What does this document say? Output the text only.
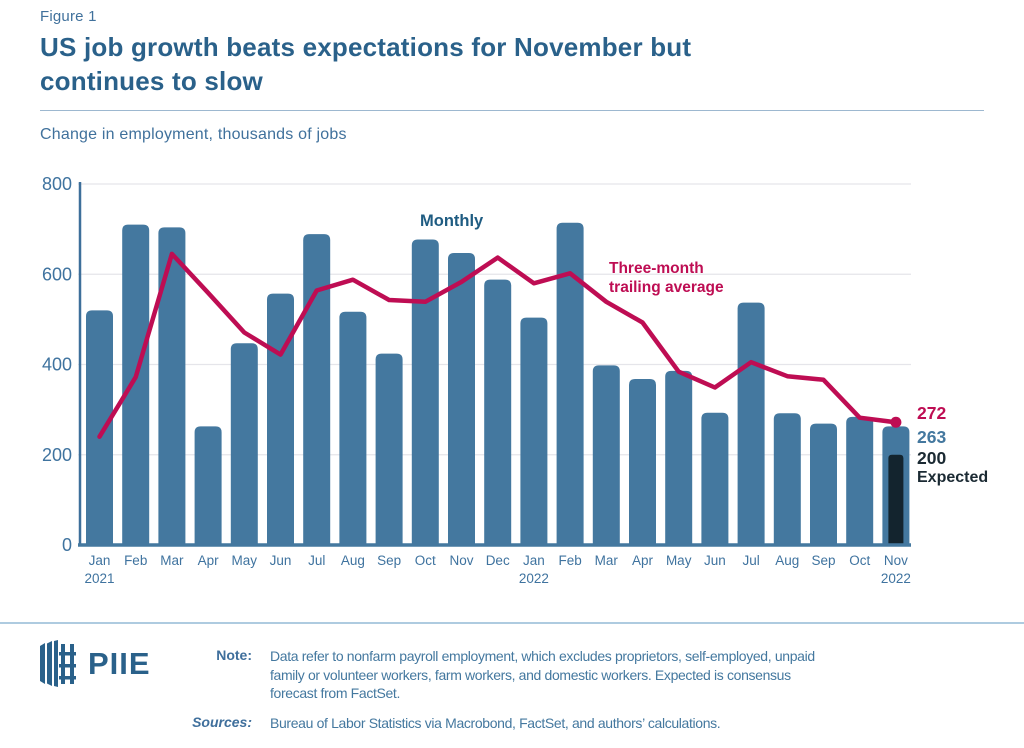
Figure 1
US job growth beats expectations for November but
continues to slow
Change in employment, thousands of jobs
0
200
400
600
800
Jan Feb Mar Apr May Jun Jul Aug Sep Oct Nov Dec Jan Feb Mar Apr May Jun Jul Aug Sep Oct Nov
2021	2022	2022
Monthly
Three-month
trailing average
272
263
200
Expected
PIIE	Note: Data refer to nonfarm payroll employment, which excludes proprietors, self-employed, unpaid
family or volunteer workers, farm workers, and domestic workers. Expected is consensus
forecast from FactSet.
Sources: Bureau of Labor Statistics via Macrobond, FactSet, and authors’ calculations.
